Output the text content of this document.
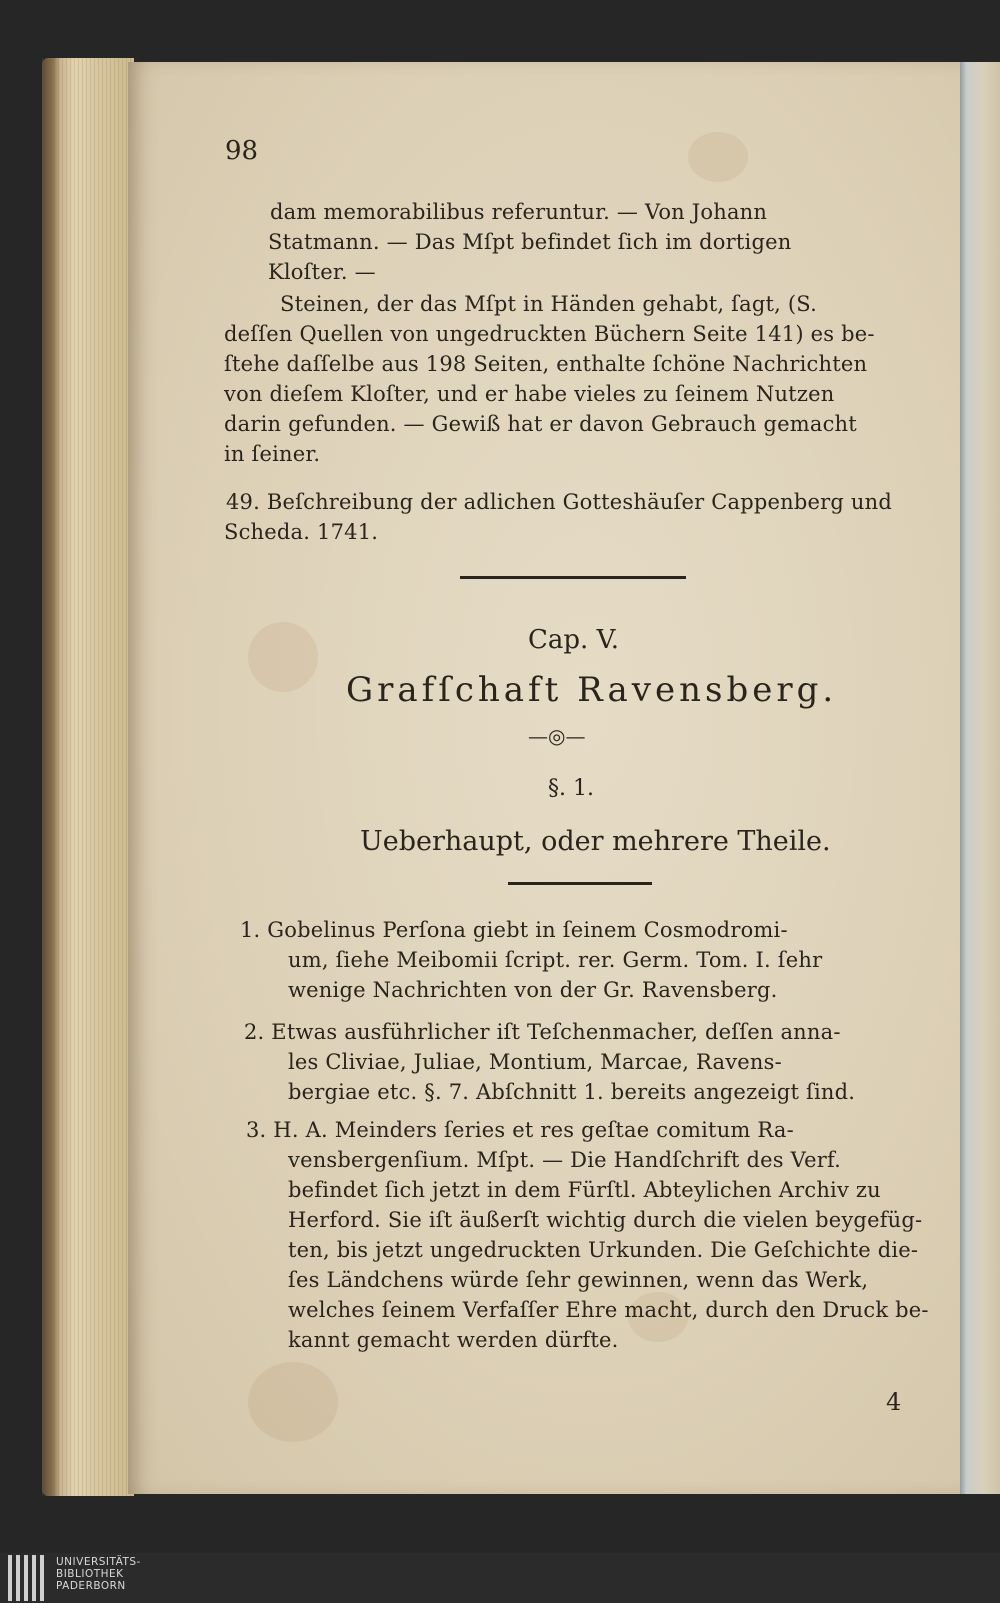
98
dam memorabilibus referuntur. — Von Johann
Statmann. — Das Mſpt befindet ſich im dortigen
Kloſter. —
Steinen, der das Mſpt in Händen gehabt, ſagt, (S.
deſſen Quellen von ungedruckten Büchern Seite 141) es be-
ſtehe daſſelbe aus 198 Seiten, enthalte ſchöne Nachrichten
von dieſem Kloſter, und er habe vieles zu ſeinem Nutzen
darin gefunden. — Gewiß hat er davon Gebrauch gemacht
in ſeiner.
49. Beſchreibung der adlichen Gotteshäuſer Cappenberg und
Scheda. 1741.
Cap. V.
Grafſchaft Ravensberg.
—◎—
§. 1.
Ueberhaupt, oder mehrere Theile.
1. Gobelinus Perſona giebt in ſeinem Cosmodromi-
um, ſiehe Meibomii ſcript. rer. Germ. Tom. I. ſehr
wenige Nachrichten von der Gr. Ravensberg.
2. Etwas ausführlicher iſt Teſchenmacher, deſſen anna-
les Cliviae, Juliae, Montium, Marcae, Ravens-
bergiae etc. §. 7. Abſchnitt 1. bereits angezeigt ſind.
3. H. A. Meinders ſeries et res geſtae comitum Ra-
vensbergenſium. Mſpt. — Die Handſchrift des Verf.
befindet ſich jetzt in dem Fürſtl. Abteylichen Archiv zu
Herford. Sie iſt äußerſt wichtig durch die vielen beygefüg-
ten, bis jetzt ungedruckten Urkunden. Die Geſchichte die-
ſes Ländchens würde ſehr gewinnen, wenn das Werk,
welches ſeinem Verfaſſer Ehre macht, durch den Druck be-
kannt gemacht werden dürfte.
4
UNIVERSITÄTS-
BIBLIOTHEK
PADERBORN
